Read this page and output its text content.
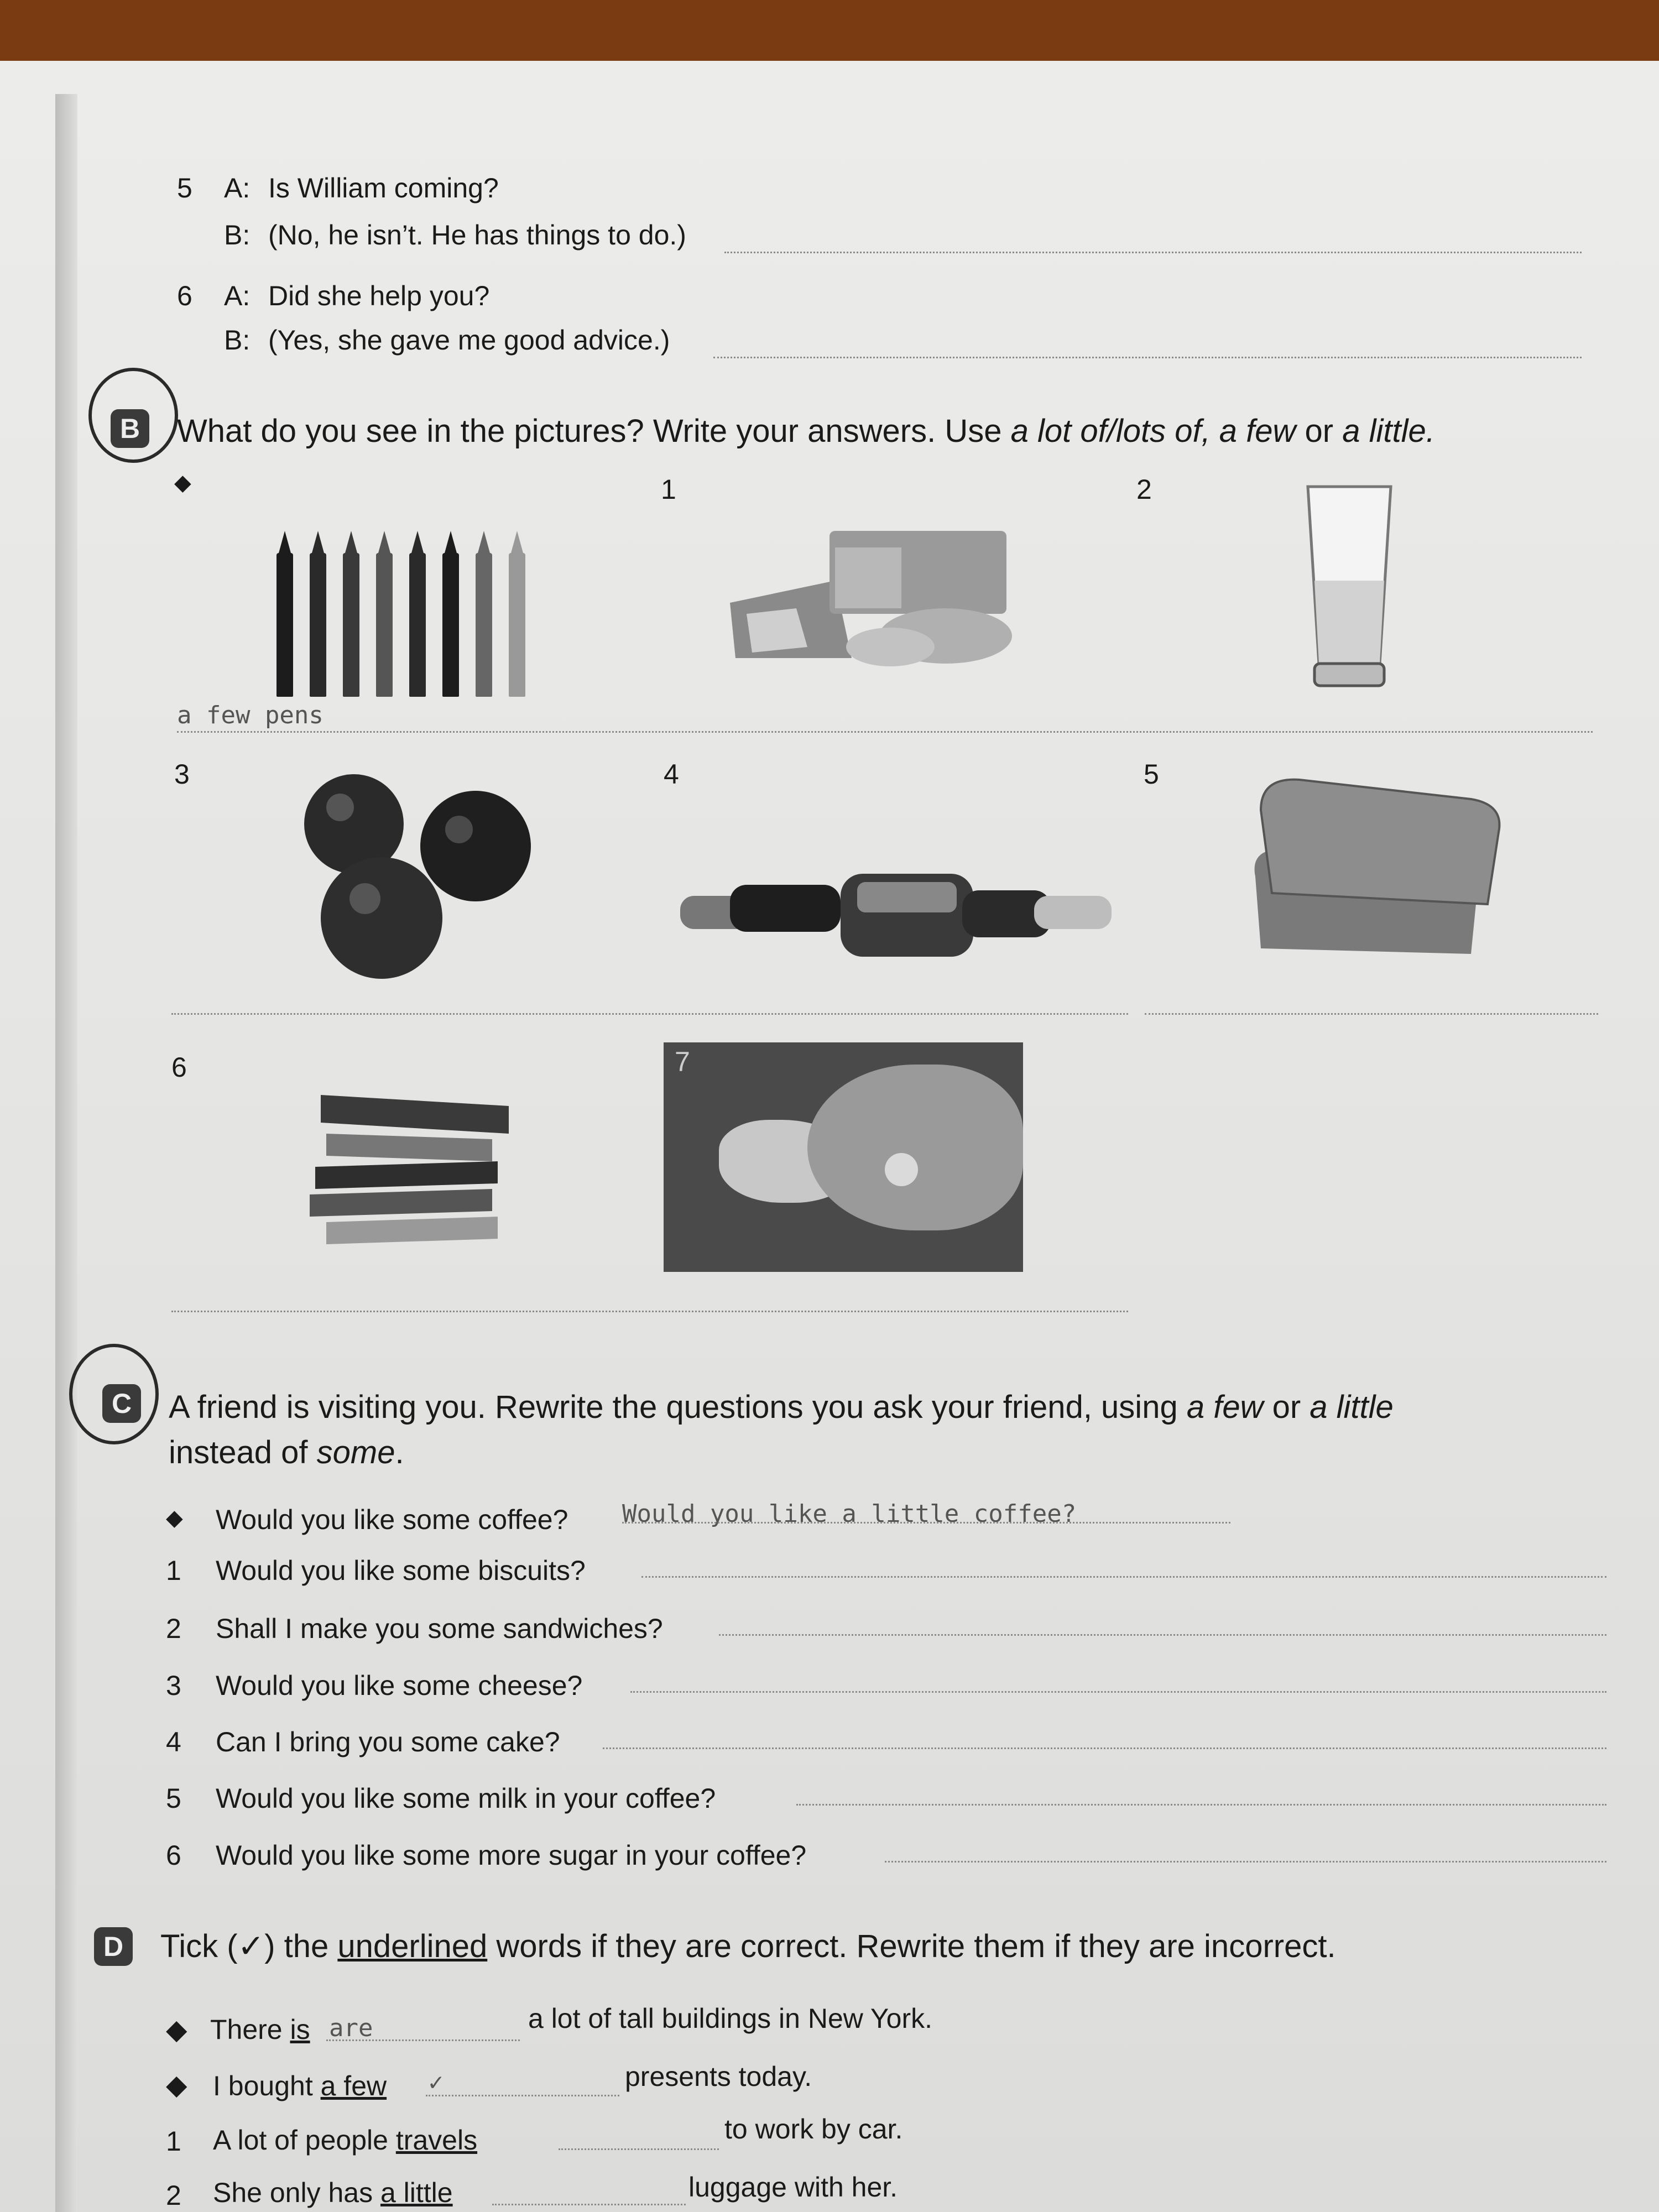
5 A: Is William coming?
B: (No, he isn’t. He has things to do.)
6 A: Did she help you?
B: (Yes, she gave me good advice.)
B What do you see in the pictures? Write your answers. Use a lot of/lots of, a few or a little.
◆	1	2
a few pens
3	4	5
6	7
C A friend is visiting you. Rewrite the questions you ask your friend, using a few or a little
instead of some.
◆ Would you like some coffee? Would you like a little coffee?
1 Would you like some biscuits?
2 Shall I make you some sandwiches?
3 Would you like some cheese?
4 Can I bring you some cake?
5 Would you like some milk in your coffee?
6 Would you like some more sugar in your coffee?
D Tick (✓) the underlined words if they are correct. Rewrite them if they are incorrect.
◆ There is are	a lot of tall buildings in New York.
◆ I bought a few ✓	presents today.
1 A lot of people travels	to work by car.
2 She only has a little	luggage with her.
